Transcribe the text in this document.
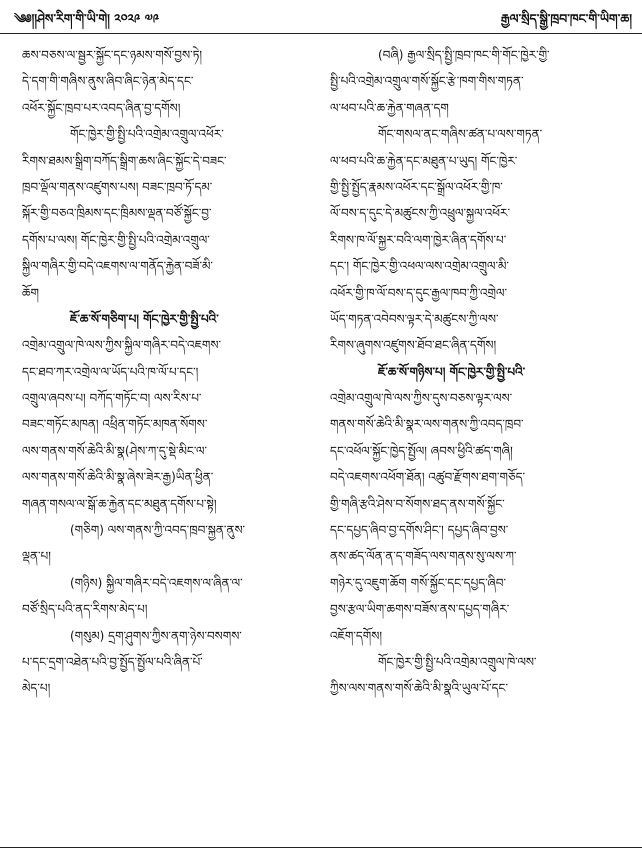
༄༅།།ཤེས་རིག་གི་ཡི་གེ། ༢༠༢༩ ༧༩	རྒྱལ་སྲིད་སྒྱི་ཁྲབ་ཁང་གི་ཡིག་ཆ།
ཆས་བཅས་ལ་སྦྱར་སྐྱོང་དང་ཉམས་གསོ་བྱས་ཏེ།
དེ་དག་གི་གཞིས་ནུས་ཞིབ་ཞིང་ཉེན་མེད་དང་
འཕོར་སྐྱོང་ཁྲབ་པར་འབད་ཞིན་བྱ་དགོས།
གོང་ཁྱེར་གྱི་སྤྱི་པའི་འགྲེམ་འགྲུལ་འཕོར་
རིགས་ཐམས་སྒྲིག་བཀོད་སྒྲིག་ཆས་ཞིང་སྐྱོང་དེ་བཟང་
ཁྲབ་ལྡོལ་གནས་འཛུགས་པས། བཟང་ཁྲབ་ཏོ་དམ་
སྐོར་གྱི་བཅའ་ཁྲིམས་དང་ཁྲིམས་ལྡན་བཙོ་སྐྱོང་བྱ་
དགོས་པ་ལས། གོང་ཁྱེར་གྱི་སྤྱི་པའི་འགྲེམ་འགྲུལ་
སྐྱིལ་གཞིར་གྱི་བདེ་འཇགས་ལ་གནོད་རྐྱེན་བཟོ་མི་
ཆོག
ཇོ་ཆ་སོ་གཅིག་པ། གོང་ཁྱེར་གྱི་སྤྱི་པའི་
འགྲེམ་འགྲུལ་ཁེ་ལས་ཀྱིས་སྐྱིལ་གཞིར་བདེ་འཇགས་
དང་ཐབ་ཀར་འགྲེལ་ལ་ཡོད་པའི་ཁ་ལོ་པ་དང་།
འགྲུལ་ཞབས་པ། བཀོད་གཏོང་བ། ལས་རིས་པ་
བཟང་གཏོང་མཁན། འཕྲིན་གཏོང་མཁན་སོགས་
ལས་གནས་གསོ་ཆེའི་མི་སྣ(ཤེས་ཀ་དུ་སྡེ་མིང་ལ་
ལས་གནས་གསོ་ཆེའི་མི་སྣ་ཞེས་ཟེར་རྒྱ)ཡིན་ཕྱིན་
གཞན་གསལ་ལ་སྒོ་ཆ་རྐྱེན་དང་མཐུན་དགོས་པ་སྟེ།
(གཅིག) ལས་གནས་ཀྱི་འབད་ཁྲབ་སྐྱན་ནུས་
ལྡན་པ།
(གཉིས) སྐྱིལ་གཞིར་བདེ་འཇགས་ལ་ཞིན་ལ་
བཙོ་སྲིད་པའི་ནད་རིགས་མེད་པ།
(གསུམ) དྲག་ཤུགས་ཀྱིས་ནག་ཉེས་བསགས་
པ་དང་དྲག་འཐེན་པའི་བྱ་སྤྱོད་སྤྱོལ་པའི་ཞིན་པོ་
མེད་པ།
(བཞི) རྒྱལ་སྲིད་སྤྱི་ཁྲབ་ཁང་གི་གོང་ཁྱེར་གྱི་
སྤྱི་པའི་འགྲེམ་འགྲུལ་གསོ་སྐྱོང་རྩེ་ཁག་གིས་གཏན་
ལ་ཕབ་པའི་ཆ་རྐྱེན་གཞན་དག
གོང་གསལ་ནང་གཞིས་ཚན་པ་ལས་གཏན་
ལ་ཕབ་པའི་ཆ་རྐྱེན་དང་མཐུན་པ་ཡུད། གོང་ཁྱེར་
གྱི་སྤྱི་སྤྱོད་རྣམས་འཕོར་དང་སྒྲོལ་འཕོར་གྱི་ཁ་
ལོ་བས་ད་དུང་དེ་མཚུངས་ཀྱི་འཕྲུལ་སྐྱལ་འཕོར་
རིགས་ཁ་ལོ་སྐྱར་བའི་ལག་ཁྱེར་ཞིན་དགོས་པ་
དང་། གོང་ཁྱེར་གྱི་འཕལ་ལས་འགྲེམ་འགྲུལ་མི་
འཕོར་གྱི་ཁ་ལོ་བས་ད་དུང་རྒྱལ་ཁབ་ཀྱི་འགྲེལ་
ཡོད་གཏན་འབེབས་ལྟར་དེ་མཚུངས་ཀྱི་ལས་
རིགས་ཞུགས་འཛུགས་ཐོབ་ཐང་ཞིན་དགོས།
ཇོ་ཆ་སོ་གཉིས་པ། གོང་ཁྱེར་གྱི་སྤྱི་པའི་
འགྲེམ་འགྲུལ་ཁེ་ལས་ཀྱིས་དུས་བཅས་ལྟར་ལས་
གནས་གསོ་ཆེའི་མི་སྣར་ལས་གནས་ཀྱི་འབད་ཁྲབ་
དང་འཕོལ་སྐྱོང་ཁྱེད་སྤྱོལ། ཞབས་ཕྱིའི་ཚད་གཞི།
བདེ་འཇགས་འཕོག་ཐོན། འཚུབ་རྫོགས་ཐག་གཅོད་
གྱི་གཞི་རྩའི་ཤེས་བ་སོགས་ཐད་ནས་གསོ་སྐྱོང་
དང་དཔྱད་ཞིབ་བྱ་དགོས་ཤིང་། དཔྱད་ཞིབ་བྱས་
ནས་ཚད་ལོན་ན་ད་གཟོད་ལས་གནས་སུ་ལས་ཀ་
གཉེར་དུ་འཇུག་ཆོག གསོ་སྐྱོང་དང་དཔྱད་ཞིབ་
བྱས་རྩལ་ཡིག་ཆགས་བཟོས་ནས་དཔྱད་གཞིར་
འཇོག་དགོས།
གོང་ཁྱེར་གྱི་སྤྱི་པའི་འགྲེམ་འགྲུལ་ཁེ་ལས་
ཀྱིས་ལས་གནས་གསོ་ཆེའི་མི་སྣའི་ཡུལ་པོ་དང་
